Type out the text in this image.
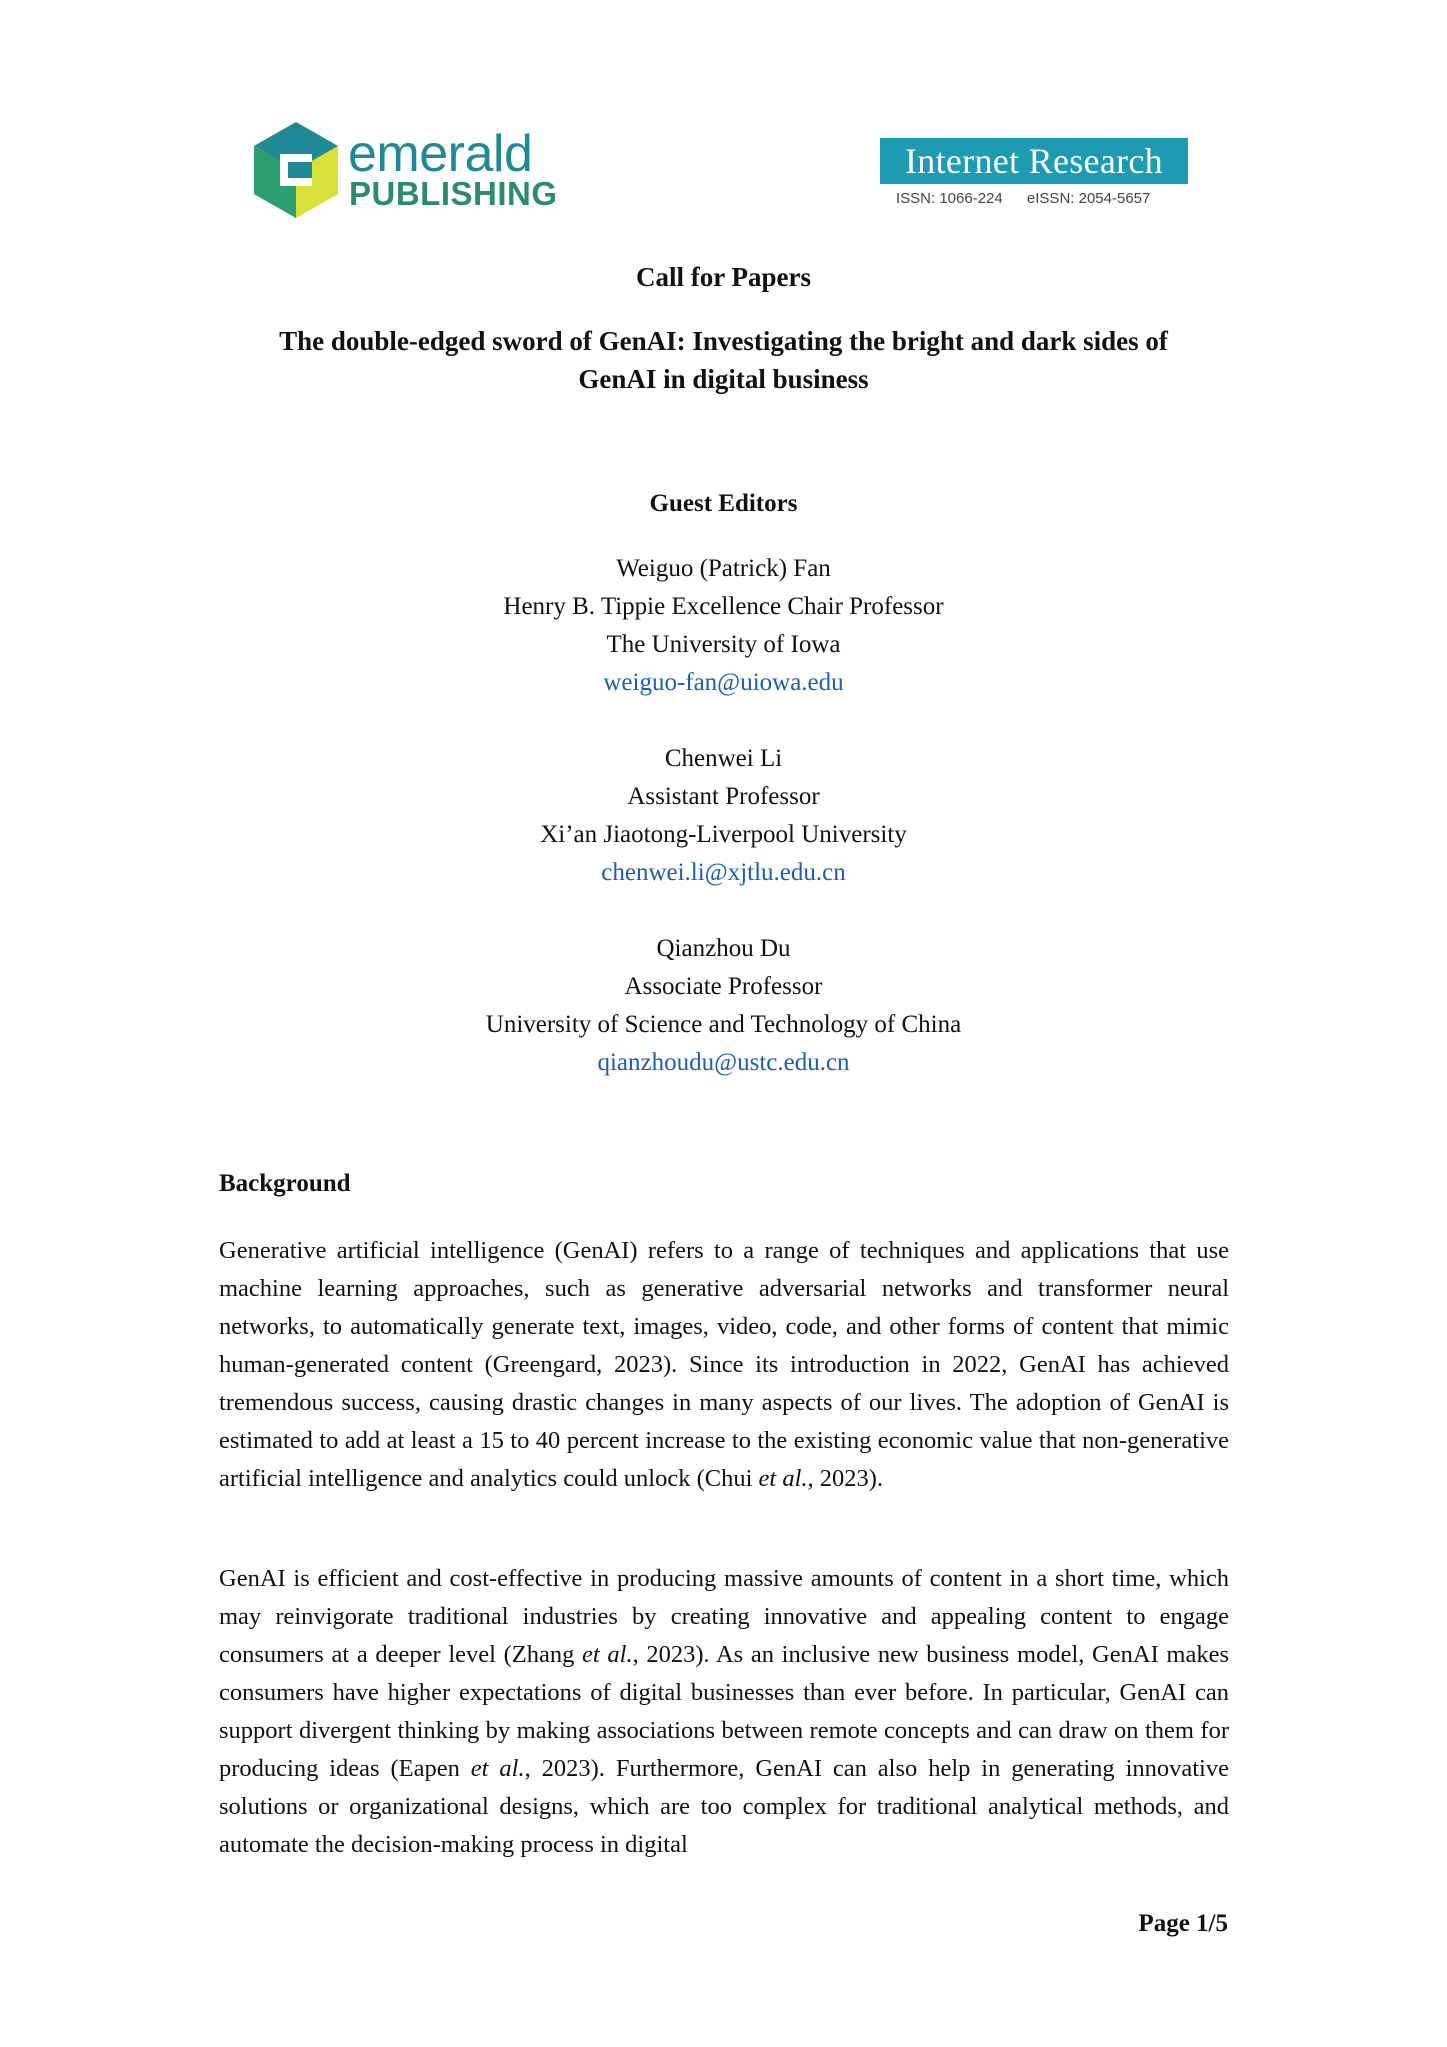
emerald
PUBLISHING
Internet Research
ISSN: 1066-224 eISSN: 2054-5657
Call for Papers
The double-edged sword of GenAI: Investigating the bright and dark sides of
GenAI in digital business
Guest Editors
Weiguo (Patrick) Fan
Henry B. Tippie Excellence Chair Professor
The University of Iowa
weiguo-fan@uiowa.edu
Chenwei Li
Assistant Professor
Xi’an Jiaotong-Liverpool University
chenwei.li@xjtlu.edu.cn
Qianzhou Du
Associate Professor
University of Science and Technology of China
qianzhoudu@ustc.edu.cn
Background
Generative artificial intelligence (GenAI) refers to a range of techniques and applications that use machine learning approaches, such as generative adversarial networks and transformer neural networks, to automatically generate text, images, video, code, and other forms of content that mimic human-generated content (Greengard, 2023). Since its introduction in 2022, GenAI has achieved tremendous success, causing drastic changes in many aspects of our lives. The adoption of GenAI is estimated to add at least a 15 to 40 percent increase to the existing economic value that non-generative artificial intelligence and analytics could unlock (Chui et al., 2023).
GenAI is efficient and cost-effective in producing massive amounts of content in a short time, which may reinvigorate traditional industries by creating innovative and appealing content to engage consumers at a deeper level (Zhang et al., 2023). As an inclusive new business model, GenAI makes consumers have higher expectations of digital businesses than ever before. In particular, GenAI can support divergent thinking by making associations between remote concepts and can draw on them for producing ideas (Eapen et al., 2023). Furthermore, GenAI can also help in generating innovative solutions or organizational designs, which are too complex for traditional analytical methods, and automate the decision-making process in digital
Page 1/5
